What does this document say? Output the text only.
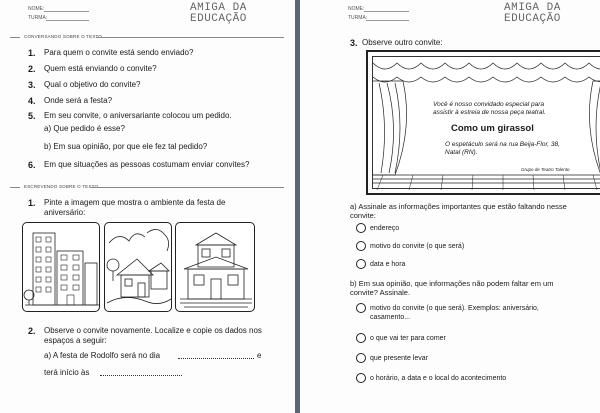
NOME:
TURMA:
AMIGA DA
EDUCAÇÃO
CONVERSANDO SOBRE O TEXTO
1. Para quem o convite está sendo enviado?
2. Quem está enviando o convite?
3. Qual o objetivo do convite?
4. Onde será a festa?
5. Em seu convite, o aniversariante colocou um pedido.
a) Que pedido é esse?
b) Em sua opinião, por que ele fez tal pedido?
6. Em que situações as pessoas costumam enviar convites?
ESCREVENDO SOBRE O TEXTO
1. Pinte a imagem que mostra o ambiente da festa de
aniversário:
2. Observe o convite novamente. Localize e copie os dados nos
espaços a seguir:
a) A festa de Rodolfo será no dia	e
terá início às
NOME:
TURMA:
AMIGA DA
EDUCAÇÃO
3. Observe outro convite:
Você é nosso convidado especial para
assistir à estreia de nossa peça teatral.
Como um girassol
O espetáculo será na rua Beija-Flor, 38,
Natal (RN).
Grupo de Teatro Talento
a) Assinale as informações importantes que estão faltando nesse
convite:
endereço
motivo do convite (o que será)
data e hora
b) Em sua opinião, que informações não podem faltar em um
convite? Assinale.
motivo do convite (o que será). Exemplos: aniversário,
casamento...
o que vai ter para comer
que presente levar
o horário, a data e o local do acontecimento
